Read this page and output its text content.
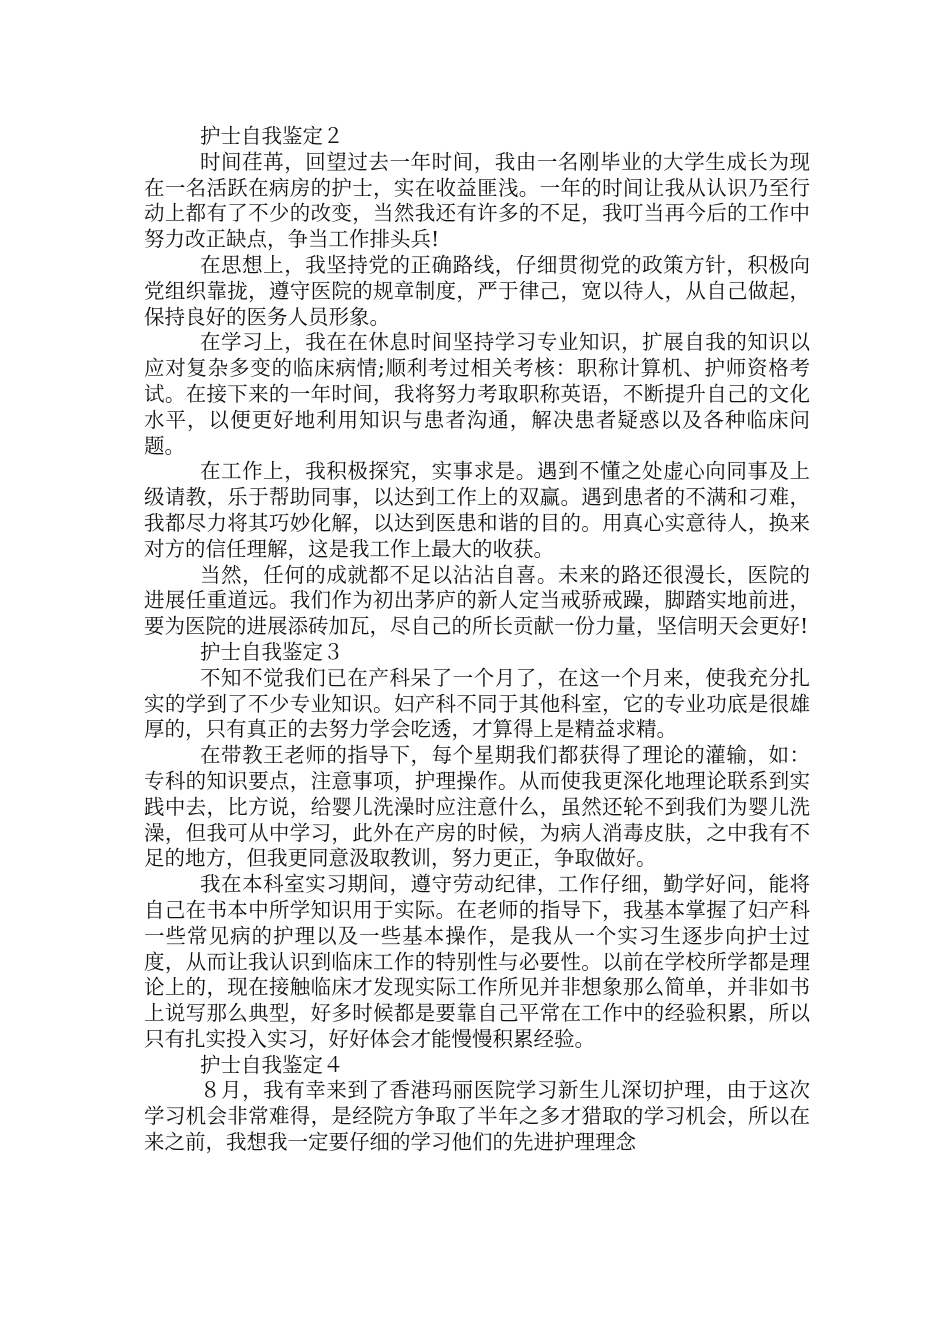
护士自我鉴定２

时间荏苒，回望过去一年时间，我由一名刚毕业的大学生成长为现在一名活跃在病房的护士，实在收益匪浅。一年的时间让我从认识乃至行动上都有了不少的改变，当然我还有许多的不足，我叮当再今后的工作中努力改正缺点，争当工作排头兵!

在思想上，我坚持党的正确路线，仔细贯彻党的政策方针，积极向党组织靠拢，遵守医院的规章制度，严于律己，宽以待人，从自己做起，保持良好的医务人员形象。

在学习上，我在在休息时间坚持学习专业知识，扩展自我的知识以应对复杂多变的临床病情;顺利考过相关考核：职称计算机、护师资格考试。在接下来的一年时间，我将努力考取职称英语，不断提升自己的文化水平，以便更好地利用知识与患者沟通，解决患者疑惑以及各种临床问题。

在工作上，我积极探究，实事求是。遇到不懂之处虚心向同事及上级请教，乐于帮助同事，以达到工作上的双赢。遇到患者的不满和刁难，我都尽力将其巧妙化解，以达到医患和谐的目的。用真心实意待人，换来对方的信任理解，这是我工作上最大的收获。

当然，任何的成就都不足以沾沾自喜。未来的路还很漫长，医院的进展任重道远。我们作为初出茅庐的新人定当戒骄戒躁，脚踏实地前进，要为医院的进展添砖加瓦，尽自己的所长贡献一份力量，坚信明天会更好!

护士自我鉴定３

不知不觉我们已在产科呆了一个月了，在这一个月来，使我充分扎实的学到了不少专业知识。妇产科不同于其他科室，它的专业功底是很雄厚的，只有真正的去努力学会吃透，才算得上是精益求精。

在带教王老师的指导下，每个星期我们都获得了理论的灌输，如：专科的知识要点，注意事项，护理操作。从而使我更深化地理论联系到实践中去，比方说，给婴儿洗澡时应注意什么，虽然还轮不到我们为婴儿洗澡，但我可从中学习，此外在产房的时候，为病人消毒皮肤，之中我有不足的地方，但我更同意汲取教训，努力更正，争取做好。

我在本科室实习期间，遵守劳动纪律，工作仔细，勤学好问，能将自己在书本中所学知识用于实际。在老师的指导下，我基本掌握了妇产科一些常见病的护理以及一些基本操作，是我从一个实习生逐步向护士过度，从而让我认识到临床工作的特别性与必要性。以前在学校所学都是理论上的，现在接触临床才发现实际工作所见并非想象那么简单，并非如书上说写那么典型，好多时候都是要靠自己平常在工作中的经验积累，所以只有扎实投入实习，好好体会才能慢慢积累经验。

护士自我鉴定４

８月，我有幸来到了香港玛丽医院学习新生儿深切护理，由于这次学习机会非常难得，是经院方争取了半年之多才猎取的学习机会，所以在来之前，我想我一定要仔细的学习他们的先进护理理念
